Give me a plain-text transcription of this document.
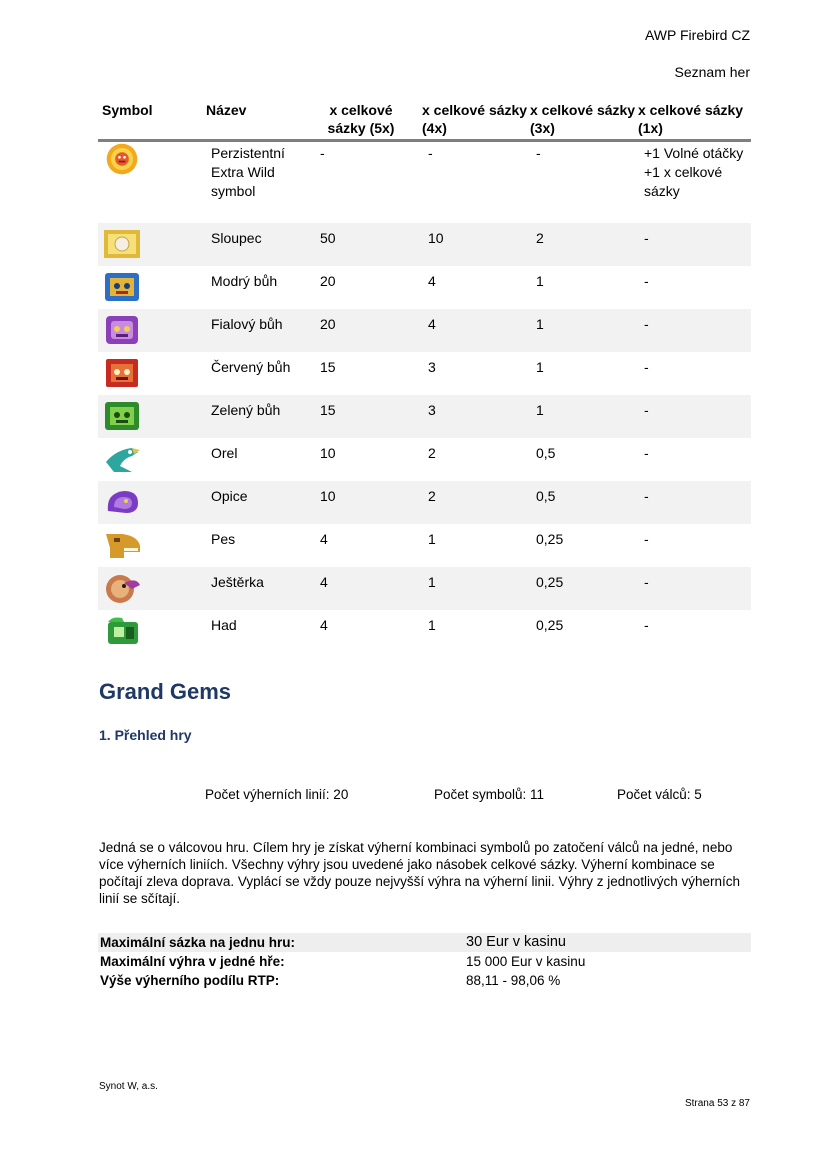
AWP Firebird CZ
Seznam her
Symbol	Název	x celkové sázky (5x)	x celkové sázky (4x)	x celkové sázky (3x)	x celkové sázky (1x)

	Perzistentní Extra Wild symbol	-	-	-	+1 Volné otáčky +1 x celkové sázky

	Sloupec	50	10	2	-

	Modrý bůh	20	4	1	-

	Fialový bůh	20	4	1	-

	Červený bůh	15	3	1	-

	Zelený bůh	15	3	1	-

	Orel	10	2	0,5	-

	Opice	10	2	0,5	-

	Pes	4	1	0,25	-

	Ještěrka	4	1	0,25	-

	Had	4	1	0,25	-
Grand Gems
1. Přehled hry
Počet výherních linií: 20	Počet symbolů: 11	Počet válců: 5

Jedná se o válcovou hru. Cílem hry je získat výherní kombinaci symbolů po zatočení válců na jedné, nebo více výherních liniích. Všechny výhry jsou uvedené jako násobek celkové sázky. Výherní kombinace se počítají zleva doprava. Vyplácí se vždy pouze nejvyšší výhra na výherní linii. Výhry z jednotlivých výherních linií se sčítají.

Maximální sázka na jednu hru:	30 Eur v kasinu
Maximální výhra v jedné hře:	15 000 Eur v kasinu
Výše výherního podílu RTP:	88,11 - 98,06 %
Synot W, a.s.
Strana 53 z 87
